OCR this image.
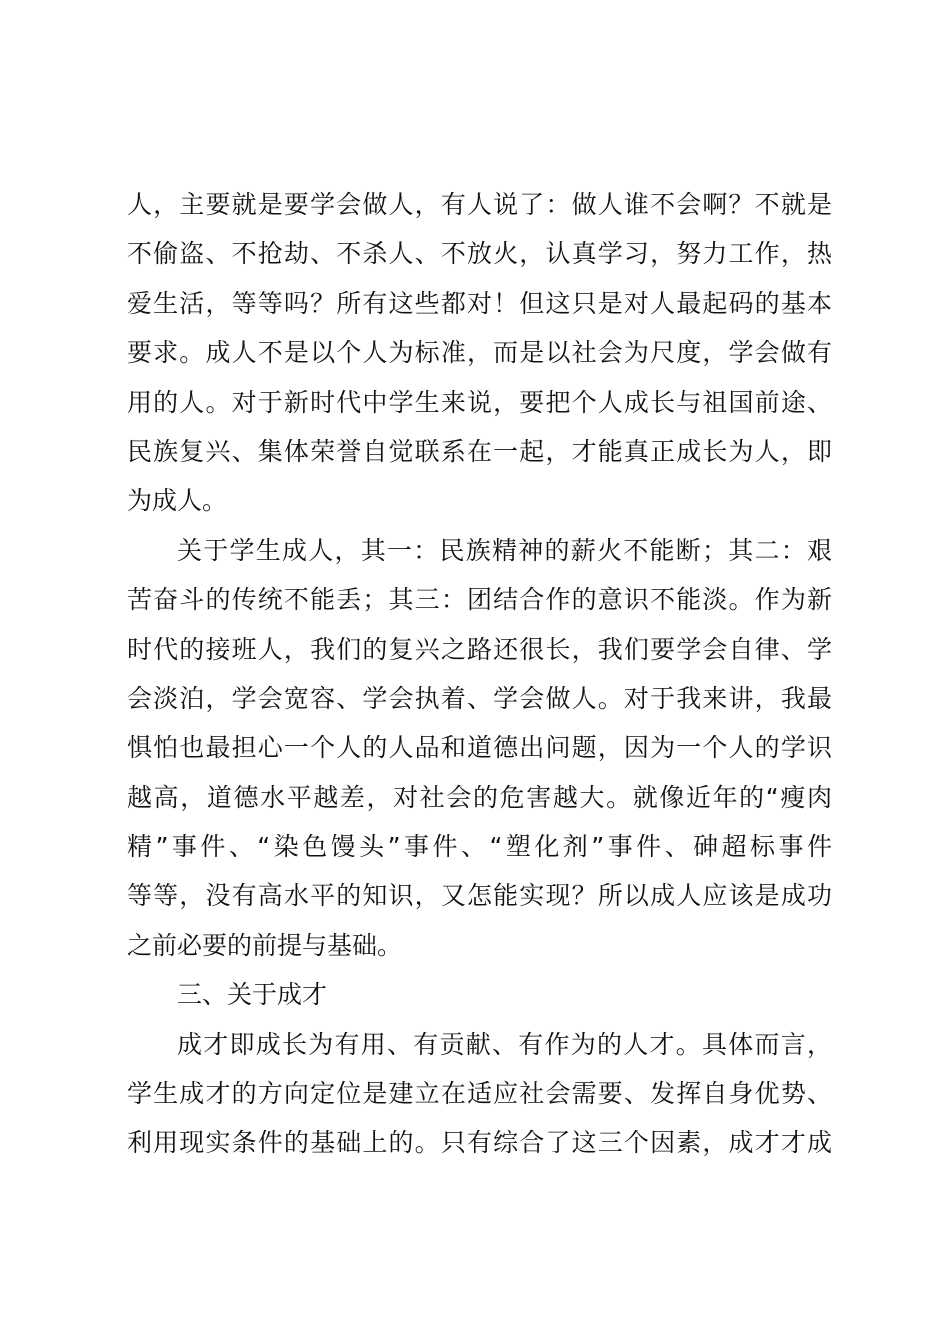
人，主要就是要学会做人，有人说了：做人谁不会啊？不就是
不偷盗、不抢劫、不杀人、不放火，认真学习，努力工作，热
爱生活，等等吗？所有这些都对！但这只是对人最起码的基本
要求。成人不是以个人为标准，而是以社会为尺度，学会做有
用的人。对于新时代中学生来说，要把个人成长与祖国前途、
民族复兴、集体荣誉自觉联系在一起，才能真正成长为人，即
为成人。
关于学生成人，其一：民族精神的薪火不能断；其二：艰
苦奋斗的传统不能丢；其三：团结合作的意识不能淡。作为新
时代的接班人，我们的复兴之路还很长，我们要学会自律、学
会淡泊，学会宽容、学会执着、学会做人。对于我来讲，我最
惧怕也最担心一个人的人品和道德出问题，因为一个人的学识
越高，道德水平越差，对社会的危害越大。就像近年的“瘦肉
精”事件、“染色馒头”事件、“塑化剂”事件、砷超标事件
等等，没有高水平的知识，又怎能实现？所以成人应该是成功
之前必要的前提与基础。
三、关于成才
成才即成长为有用、有贡献、有作为的人才。具体而言，
学生成才的方向定位是建立在适应社会需要、发挥自身优势、
利用现实条件的基础上的。只有综合了这三个因素，成才才成
